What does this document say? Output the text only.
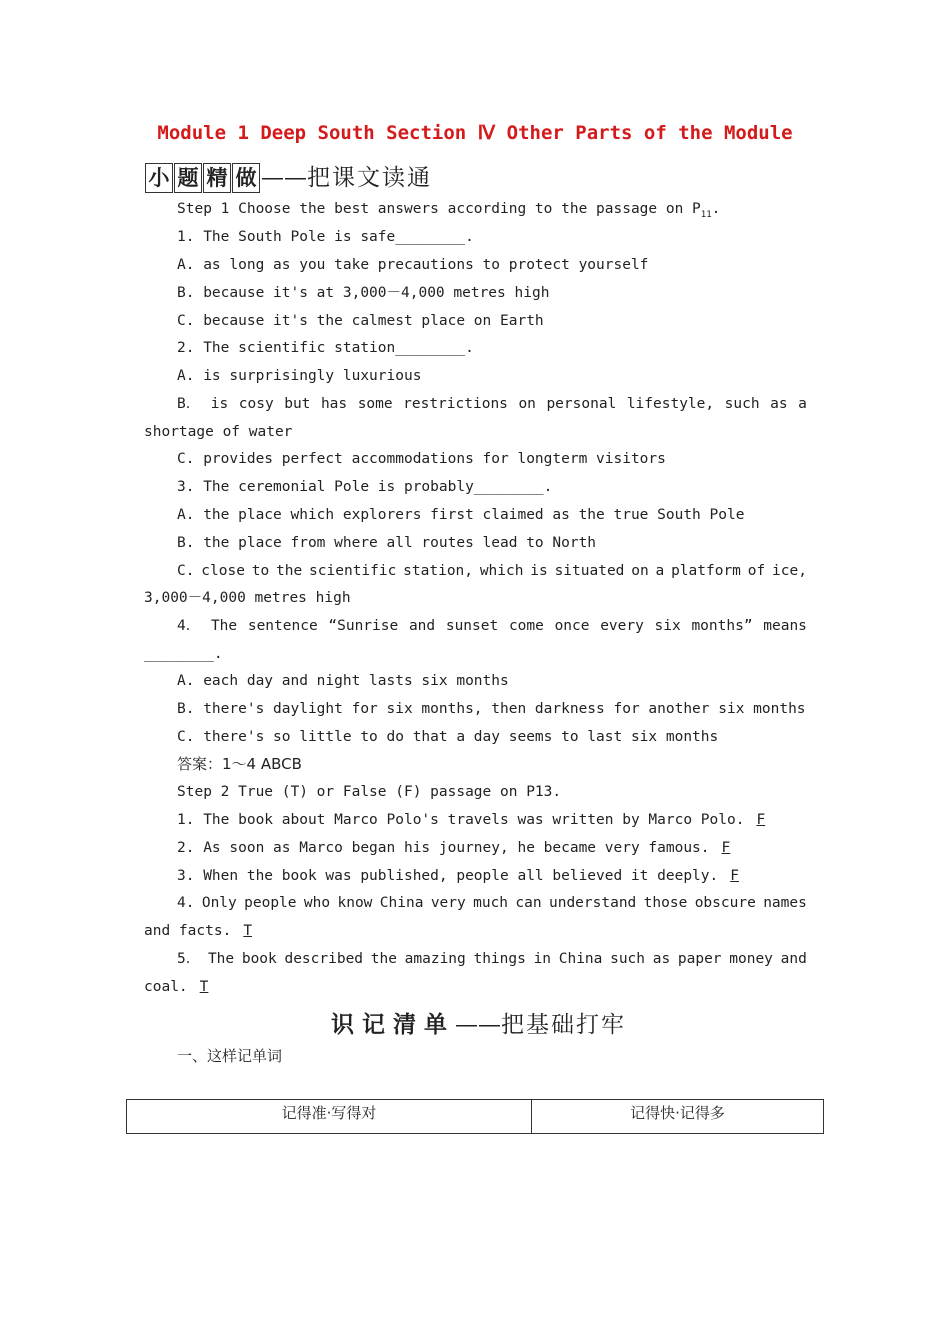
Module 1 Deep South Section Ⅳ Other Parts of the Module
小 题 精 做 ——把课文读通
Step 1 Choose the best answers according to the passage on $P_{11}$.
1. The South Pole is safe________.
A. as long as you take precautions to protect yourself
B. because it's at 3,000－4,000 metres high
C. because it's the calmest place on Earth
2. The scientific station________.
A. is surprisingly luxurious
B． is cosy but has some restrictions on personal lifestyle, such as a
shortage of water
C. provides perfect accommodations for longterm visitors
3. The ceremonial Pole is probably________.
A. the place which explorers first claimed as the true South Pole
B. the place from where all routes lead to North
C. close to the scientific station, which is situated on a platform of ice,
3,000－4,000 metres high
4． The sentence “Sunrise and sunset come once every six months” means
________.
A. each day and night lasts six months
B. there's daylight for six months, then darkness for another six months
C. there's so little to do that a day seems to last six months
答案：1～4 ABCB
Step 2 True (T) or False (F) passage on P13.
1. The book about Marco Polo's travels was written by Marco Polo. F
2. As soon as Marco began his journey, he became very famous. F
3. When the book was published, people all believed it deeply. F
4. Only people who know China very much can understand those obscure names
and facts. T
5． The book described the amazing things in China such as paper money and
coal. T
识记清单——把基础打牢
一、这样记单词
记得准·写得对	记得快·记得多
